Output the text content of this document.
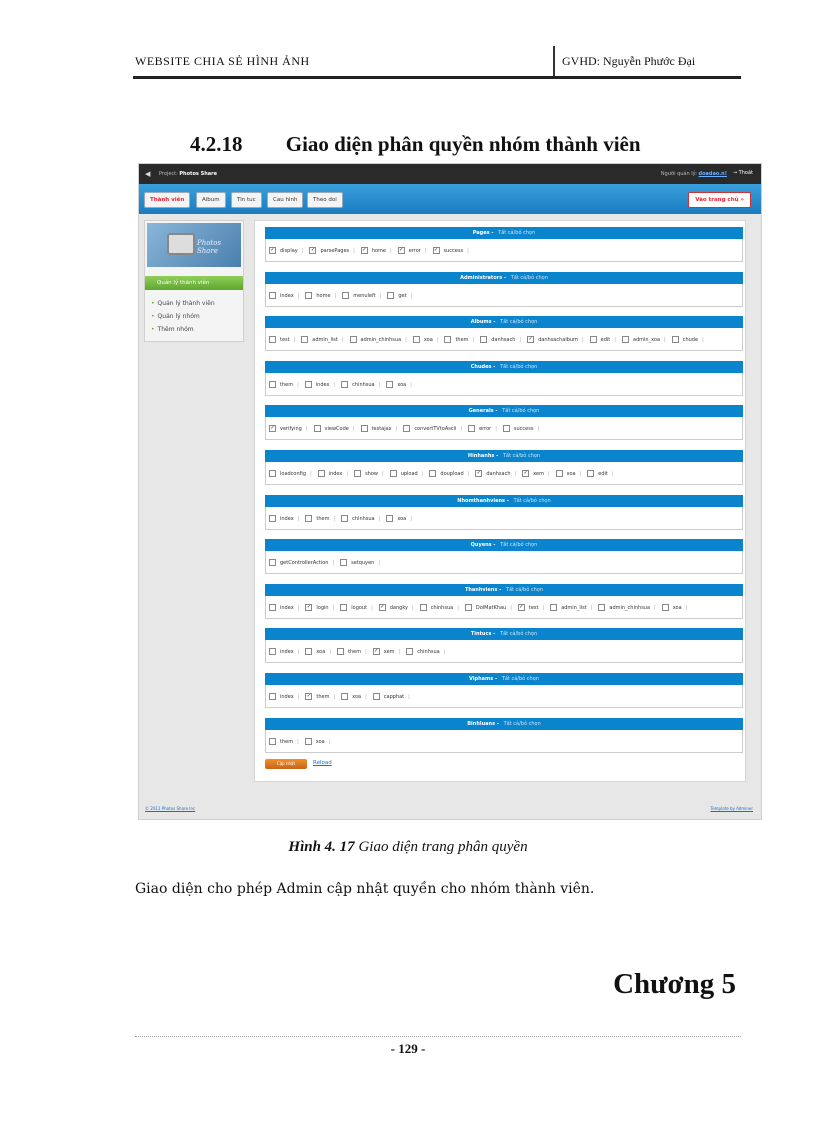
WEBSITE CHIA SẺ HÌNH ẢNH	GVHD: Nguyễn Phước Đại
4.2.18 Giao diện phân quyền nhóm thành viên
◀ Project: Photos Share	Người quản lý: doadao.n! → Thoát
Thành viên	Album	Tin tuc	Cau hinh	Theo doi	Vào trang chủ »
Photos Share
Quản lý thành viên
• Quản lý thành viên
• Quản lý nhóm
• Thêm nhóm
Cập nhật	Reload
Pages - Tất cả/bỏ chọn
✓ display | ✓ parsePages | ✓ home | ✓ error | ✓ success |
Administrators - Tất cả/bỏ chọn
index |	home |	menuleft |	get |
Albums - Tất cả/bỏ chọn
test |	admin_list |	admin_chinhsua |	xoa |	them |	danhsach | ✓ danhsachalbum |	edit |	admin_xoa |	chude |
Chudes - Tất cả/bỏ chọn
them |	index |	chinhsua |	xoa |
Generals - Tất cả/bỏ chọn
✓ verifying |	viewCode |	testajax |	convertTVtoAscii |	error |	success |
Hinhanhs - Tất cả/bỏ chọn
loadconfig |	index |	show |	upload |	doupload | ✓ danhsach | ✓ xem |	xoa |	edit |
Nhomthanhviens - Tất cả/bỏ chọn
index |	them |	chinhsua |	xoa |
Quyens - Tất cả/bỏ chọn
getControllerAction |	setquyen |
Thanhviens - Tất cả/bỏ chọn
index | ✓ login |	logout | ✓ dangky |	chinhsua |	DoiMatKhau | ✓ test |	admin_list |	admin_chinhsua |	xoa |
Tintucs - Tất cả/bỏ chọn
index |	xoa |	them | ✓ xem |	chinhsua |
Viphams - Tất cả/bỏ chọn
index | ✓ them |	xoa |	capphat |
Binhluans - Tất cả/bỏ chọn
them |	xoa |
© 2011 Photos Share Inc	Template by Adminer
Hình 4. 17 Giao diện trang phân quyền
Giao diện cho phép Admin cập nhật quyền cho nhóm thành viên.
Chương 5
- 129 -
